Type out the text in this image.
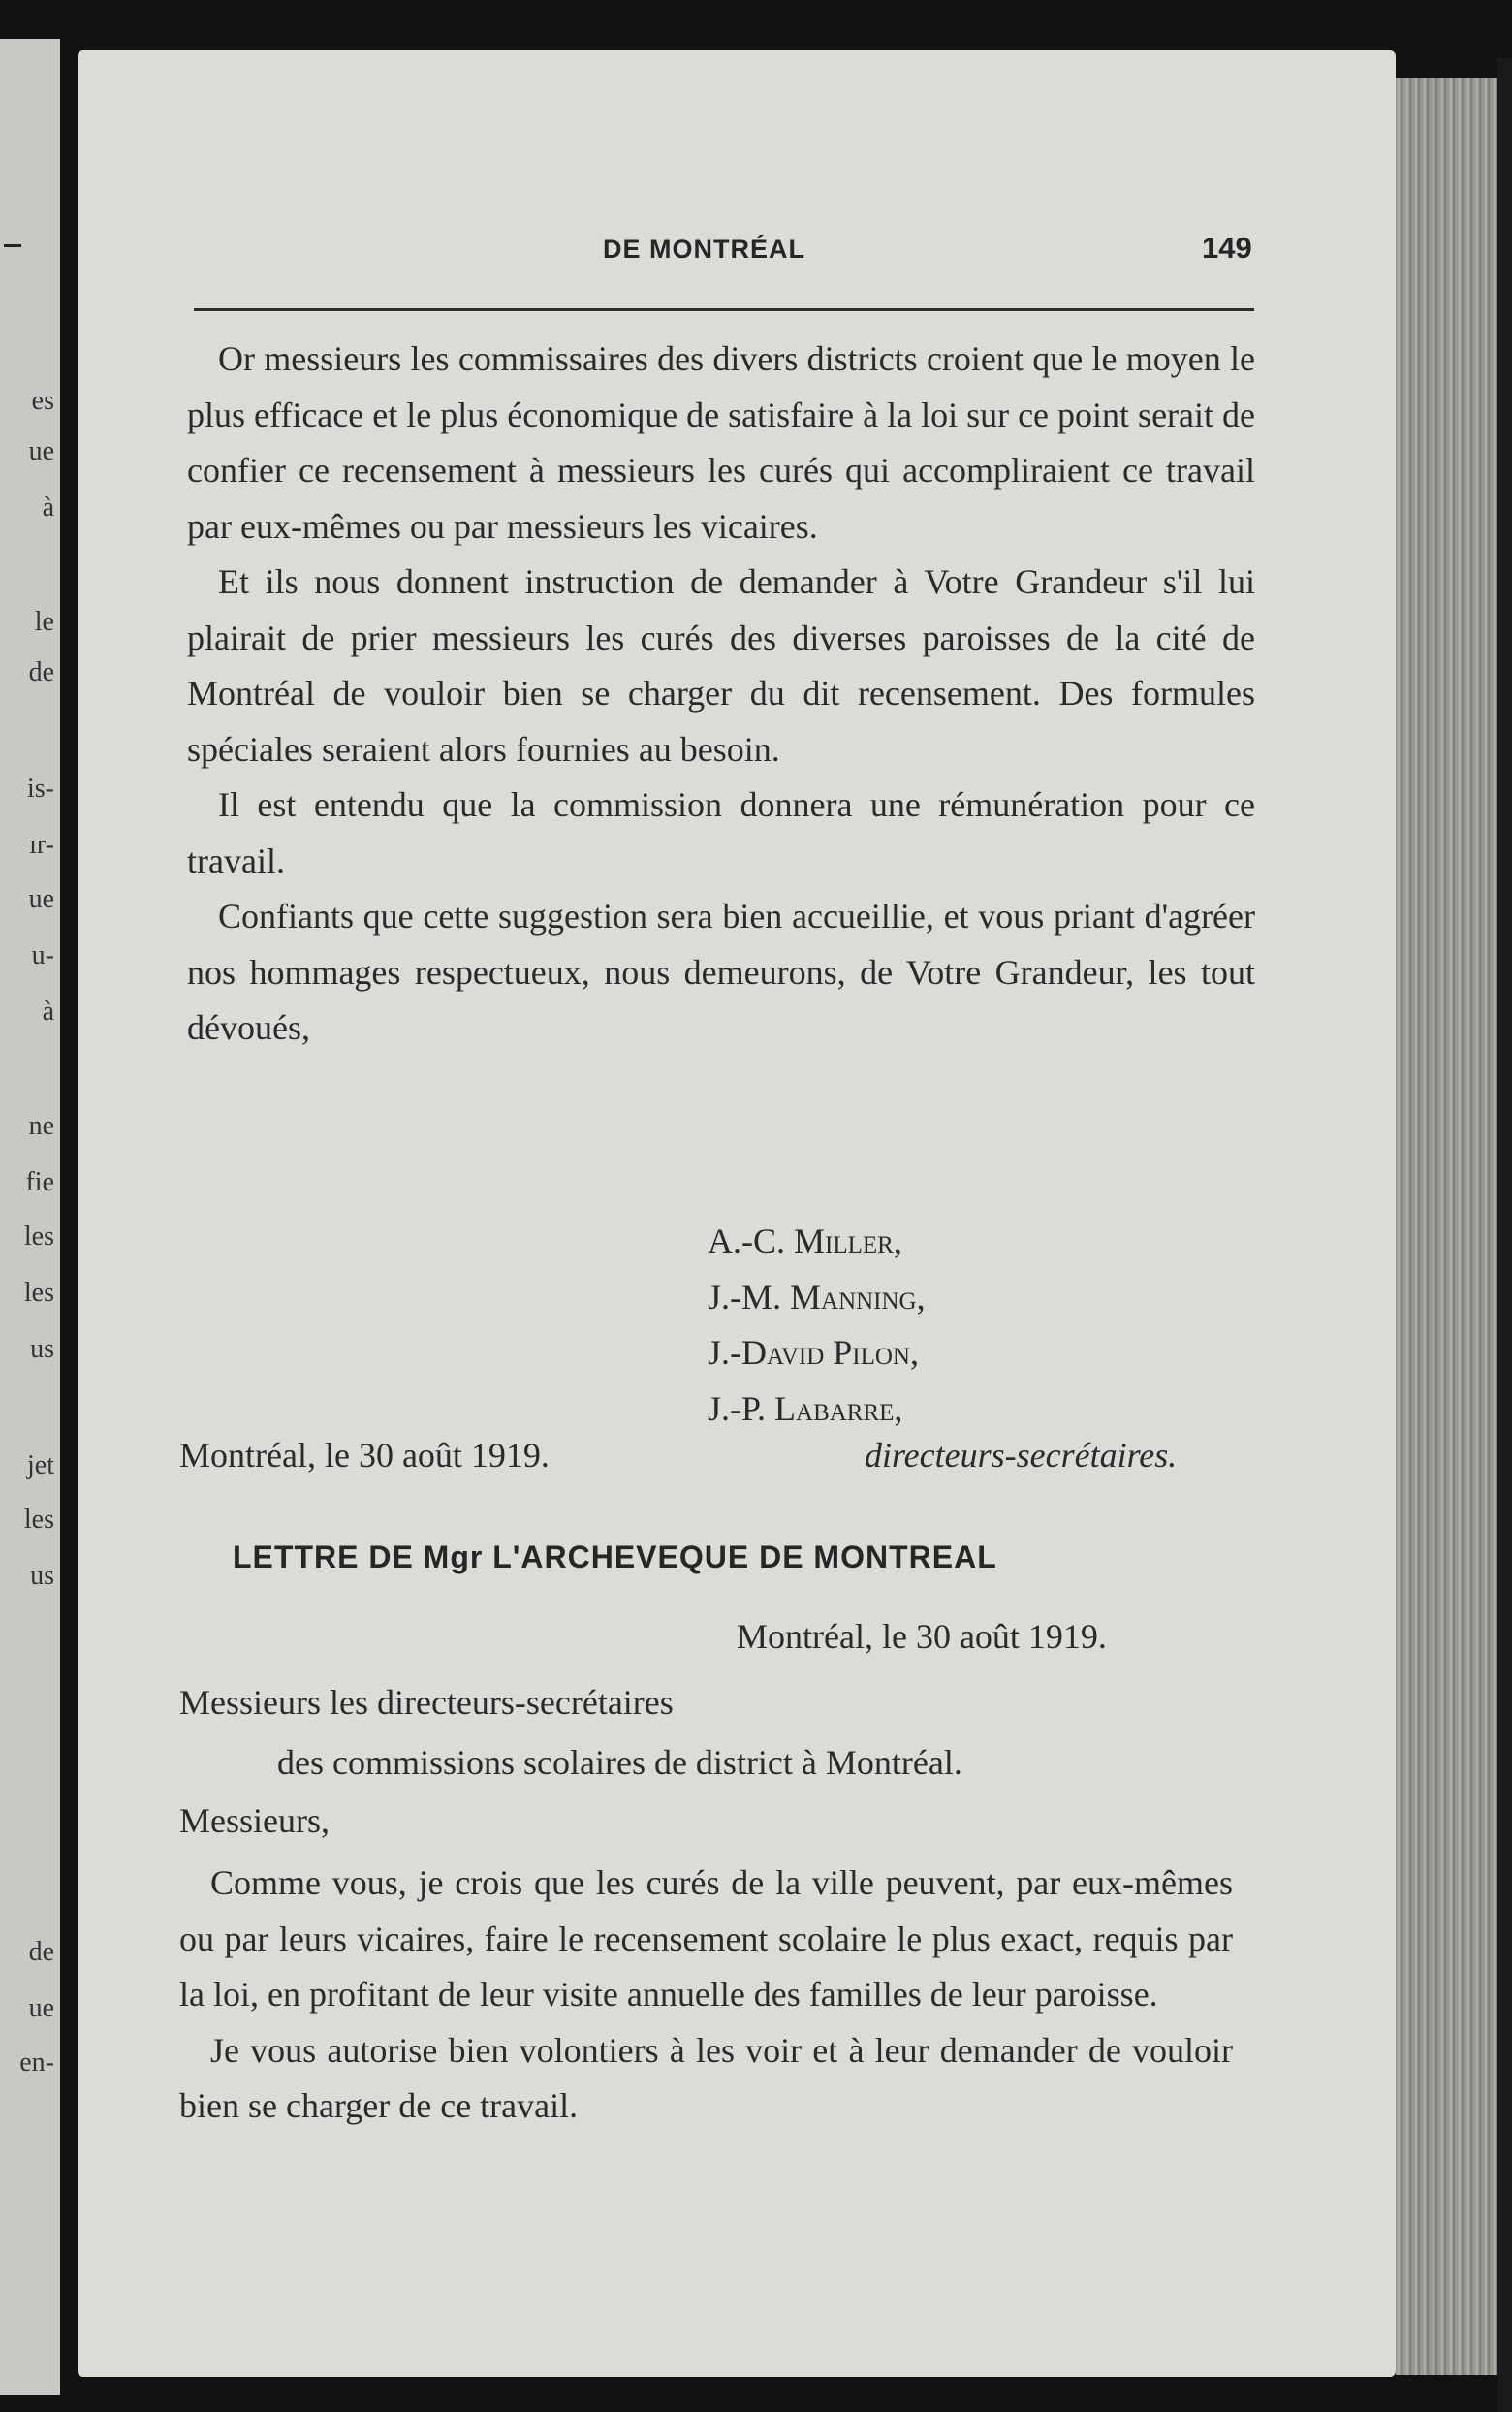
es
ue
à
le
de
is-
ır-
ue
u-
à
ne
fie
les
les
us
jet
les
us
de
ue
en-
DE MONTRÉAL	149

Or messieurs les commissaires des divers districts croient que le moyen le plus efficace et le plus économique de satisfaire à la loi sur ce point serait de confier ce recensement à messieurs les curés qui accompliraient ce travail par eux-mêmes ou par messieurs les vicaires.

Et ils nous donnent instruction de demander à Votre Grandeur s'il lui plairait de prier messieurs les curés des diverses paroisses de la cité de Montréal de vouloir bien se charger du dit recensement. Des formules spéciales seraient alors fournies au besoin.

Il est entendu que la commission donnera une rémunération pour ce travail.

Confiants que cette suggestion sera bien accueillie, et vous priant d'agréer nos hommages respectueux, nous demeurons, de Votre Grandeur, les tout dévoués,

A.-C. Miller,
J.-M. Manning,
J.-David Pilon,
J.-P. Labarre,
Montréal, le 30 août 1919.	directeurs-secrétaires.
LETTRE DE Mgr L'ARCHEVEQUE DE MONTREAL
Montréal, le 30 août 1919.
Messieurs les directeurs-secrétaires
des commissions scolaires de district à Montréal.
Messieurs,

Comme vous, je crois que les curés de la ville peuvent, par eux-mêmes ou par leurs vicaires, faire le recensement scolaire le plus exact, requis par la loi, en profitant de leur visite annuelle des familles de leur paroisse.

Je vous autorise bien volontiers à les voir et à leur demander de vouloir bien se charger de ce travail.
